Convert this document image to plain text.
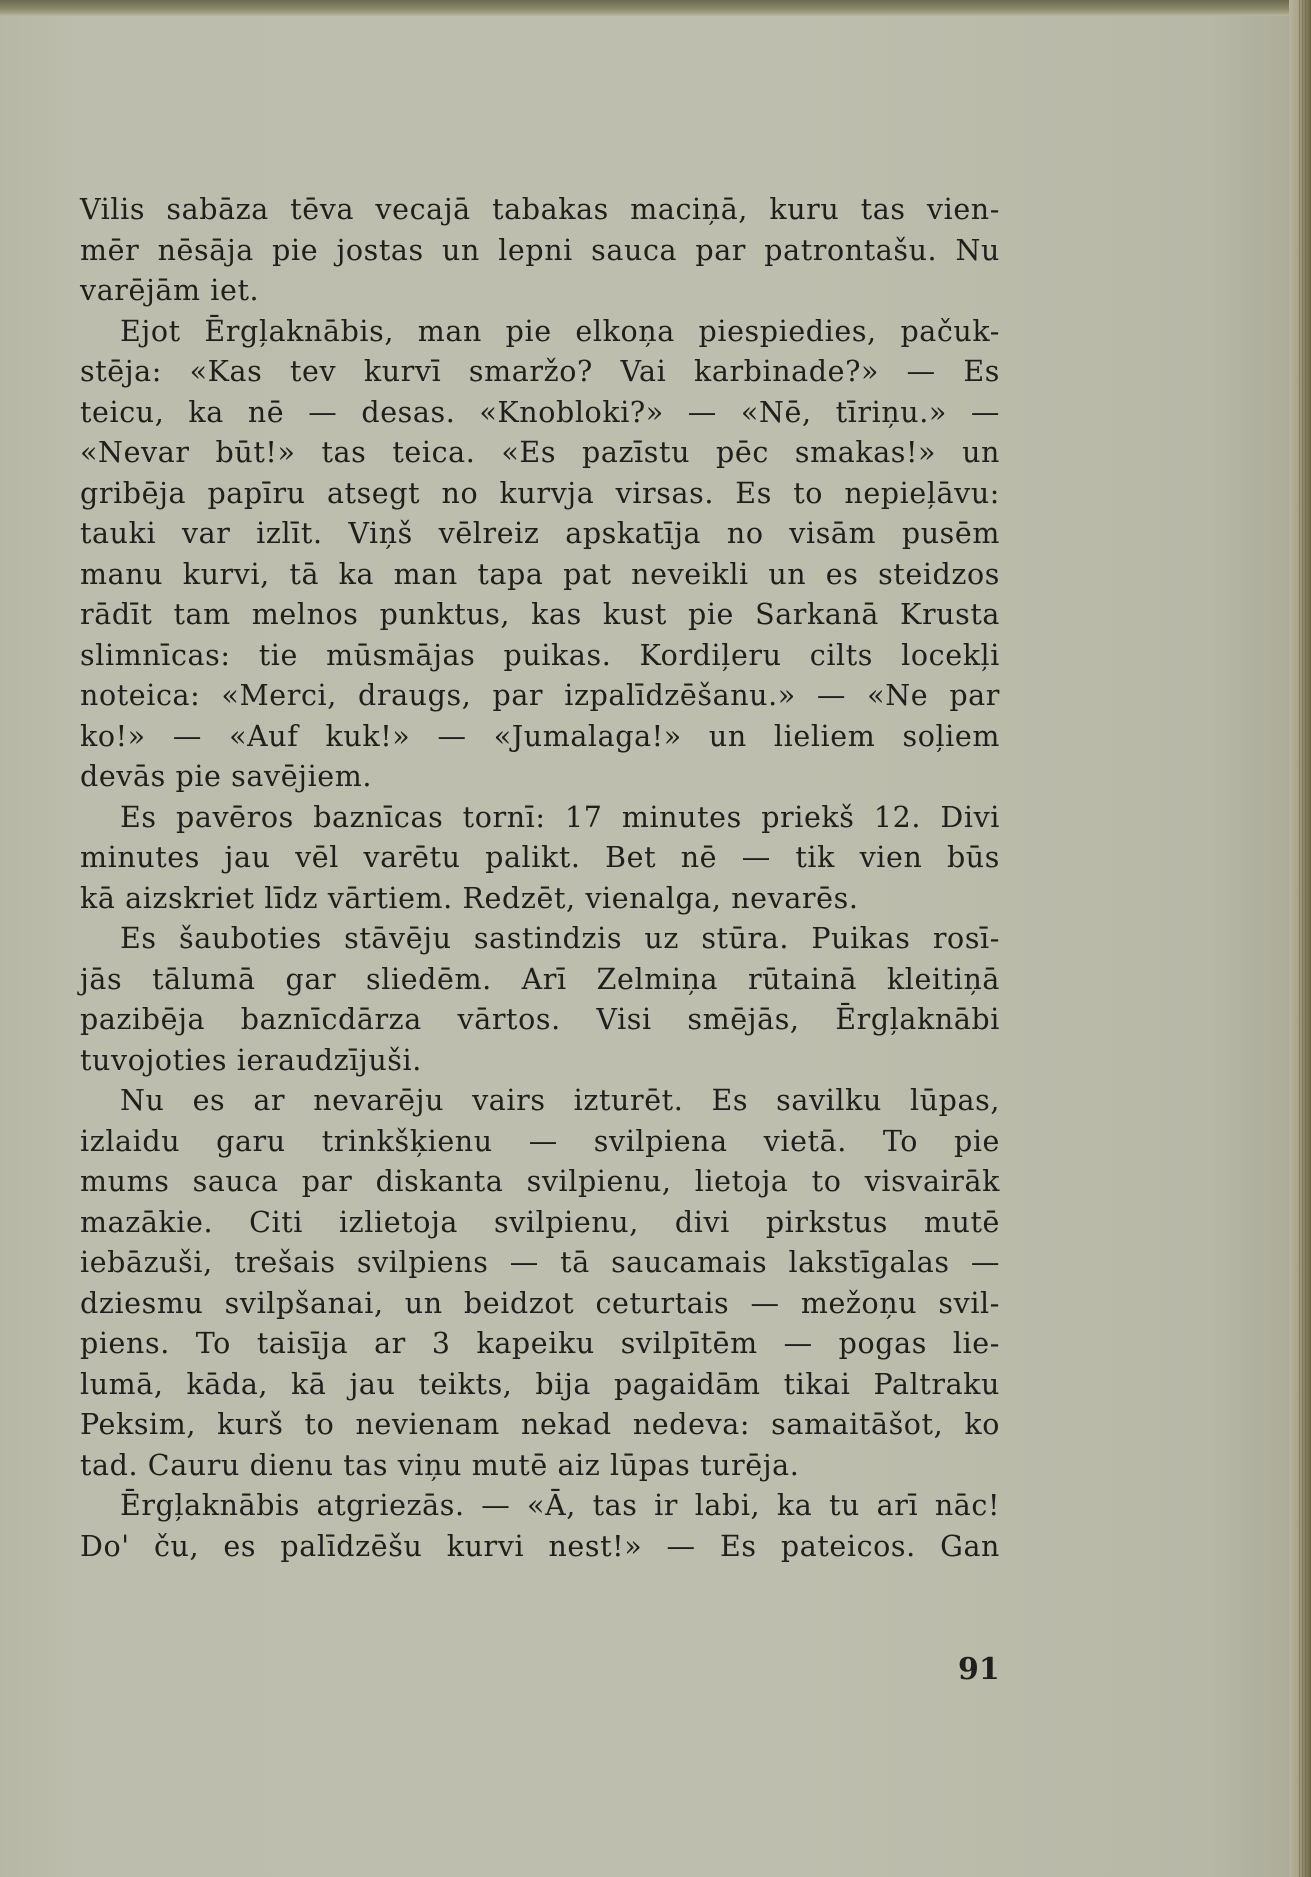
Vilis sabāza tēva vecajā tabakas maciņā, kuru tas vien-
mēr nēsāja pie jostas un lepni sauca par patrontašu. Nu
varējām iet.

Ejot Ērgļaknābis, man pie elkoņa piespiedies, pačuk-
stēja: «Kas tev kurvī smaržo? Vai karbinade?» — Es
teicu, ka nē — desas. «Knobloki?» — «Nē, tīriņu.» —
«Nevar būt!» tas teica. «Es pazīstu pēc smakas!» un
gribēja papīru atsegt no kurvja virsas. Es to nepieļāvu:
tauki var izlīt. Viņš vēlreiz apskatīja no visām pusēm
manu kurvi, tā ka man tapa pat neveikli un es steidzos
rādīt tam melnos punktus, kas kust pie Sarkanā Krusta
slimnīcas: tie mūsmājas puikas. Kordiļeru cilts locekļi
noteica: «Merci, draugs, par izpalīdzēšanu.» — «Ne par
ko!» — «Auf kuk!» — «Jumalaga!» un lieliem soļiem
devās pie savējiem.

Es pavēros baznīcas tornī: 17 minutes priekš 12. Divi
minutes jau vēl varētu palikt. Bet nē — tik vien būs
kā aizskriet līdz vārtiem. Redzēt, vienalga, nevarēs.

Es šauboties stāvēju sastindzis uz stūra. Puikas rosī-
jās tālumā gar sliedēm. Arī Zelmiņa rūtainā kleitiņā
pazibēja baznīcdārza vārtos. Visi smējās, Ērgļaknābi
tuvojoties ieraudzījuši.

Nu es ar nevarēju vairs izturēt. Es savilku lūpas,
izlaidu garu trinkšķienu — svilpiena vietā. To pie
mums sauca par diskanta svilpienu, lietoja to visvairāk
mazākie. Citi izlietoja svilpienu, divi pirkstus mutē
iebāzuši, trešais svilpiens — tā saucamais lakstīgalas —
dziesmu svilpšanai, un beidzot ceturtais — mežoņu svil-
piens. To taisīja ar 3 kapeiku svilpītēm — pogas lie-
lumā, kāda, kā jau teikts, bija pagaidām tikai Paltraku
Peksim, kurš to nevienam nekad nedeva: samaitāšot, ko
tad. Cauru dienu tas viņu mutē aiz lūpas turēja.

Ērgļaknābis atgriezās. — «Ā, tas ir labi, ka tu arī nāc!
Do' ču, es palīdzēšu kurvi nest!» — Es pateicos. Gan

91
